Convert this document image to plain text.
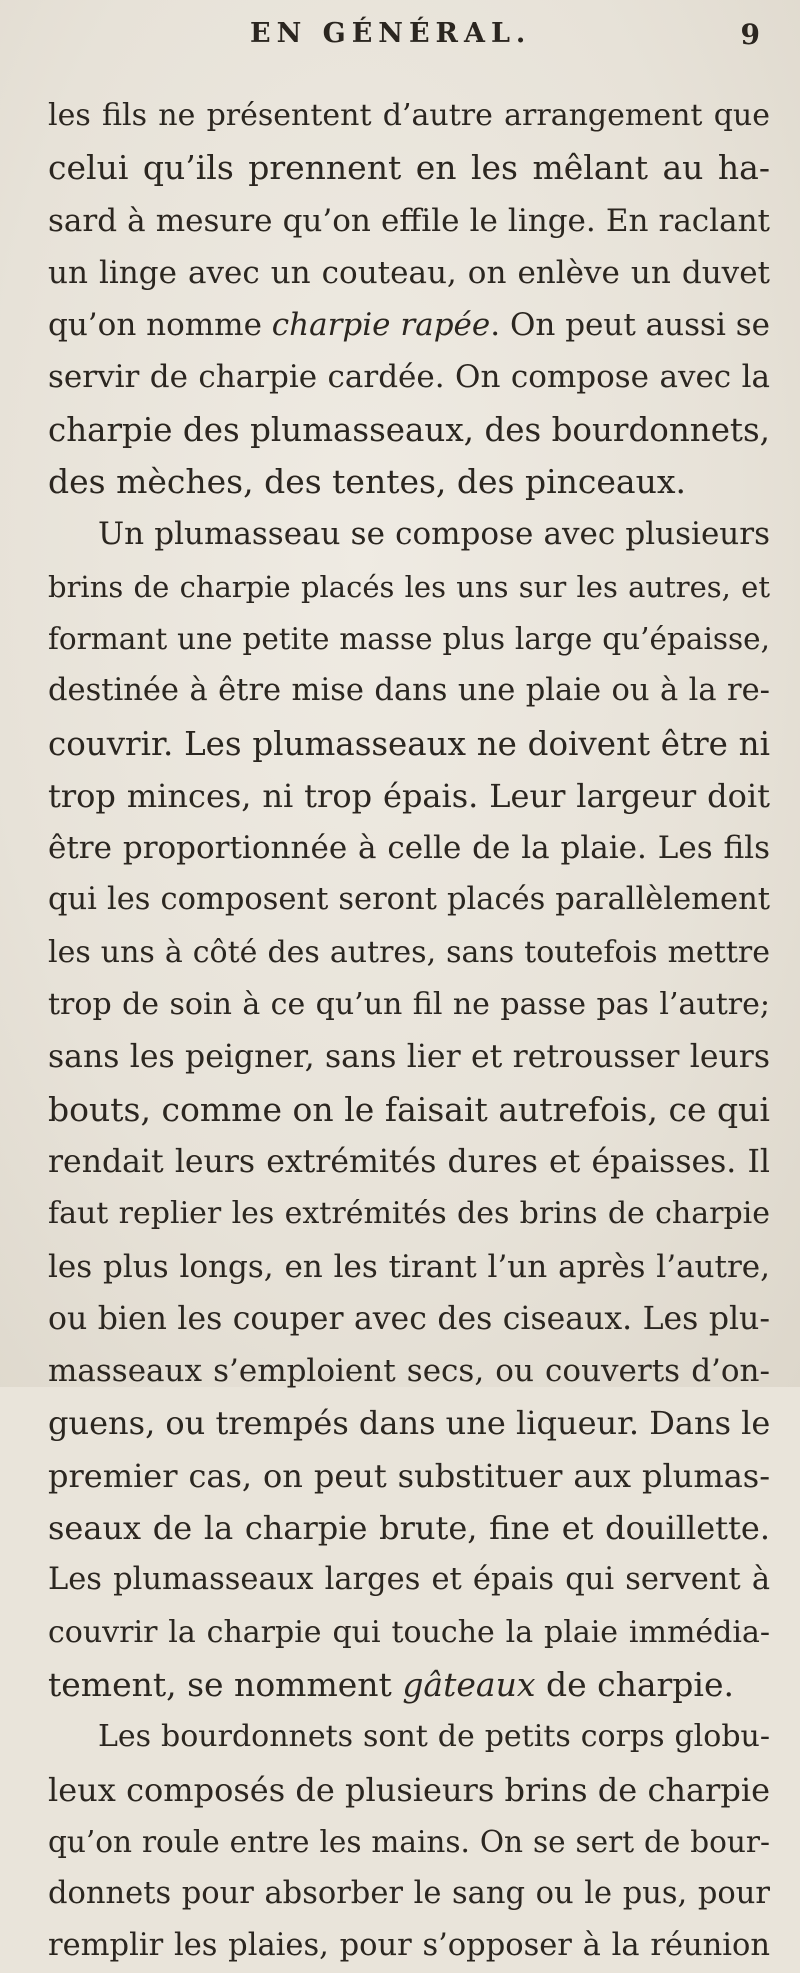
EN GÉNÉRAL.	9
les fils ne présentent d’autre arrangement que
celui qu’ils prennent en les mêlant au ha-
sard à mesure qu’on effile le linge. En raclant
un linge avec un couteau, on enlève un duvet
qu’on nomme charpie rapée. On peut aussi se
servir de charpie cardée. On compose avec la
charpie des plumasseaux, des bourdonnets,
des mèches, des tentes, des pinceaux.
Un plumasseau se compose avec plusieurs
brins de charpie placés les uns sur les autres, et
formant une petite masse plus large qu’épaisse,
destinée à être mise dans une plaie ou à la re-
couvrir. Les plumasseaux ne doivent être ni
trop minces, ni trop épais. Leur largeur doit
être proportionnée à celle de la plaie. Les fils
qui les composent seront placés parallèlement
les uns à côté des autres, sans toutefois mettre
trop de soin à ce qu’un fil ne passe pas l’autre;
sans les peigner, sans lier et retrousser leurs
bouts, comme on le faisait autrefois, ce qui
rendait leurs extrémités dures et épaisses. Il
faut replier les extrémités des brins de charpie
les plus longs, en les tirant l’un après l’autre,
ou bien les couper avec des ciseaux. Les plu-
masseaux s’emploient secs, ou couverts d’on-
guens, ou trempés dans une liqueur. Dans le
premier cas, on peut substituer aux plumas-
seaux de la charpie brute, fine et douillette.
Les plumasseaux larges et épais qui servent à
couvrir la charpie qui touche la plaie immédia-
tement, se nomment gâteaux de charpie.
Les bourdonnets sont de petits corps globu-
leux composés de plusieurs brins de charpie
qu’on roule entre les mains. On se sert de bour-
donnets pour absorber le sang ou le pus, pour
remplir les plaies, pour s’opposer à la réunion
